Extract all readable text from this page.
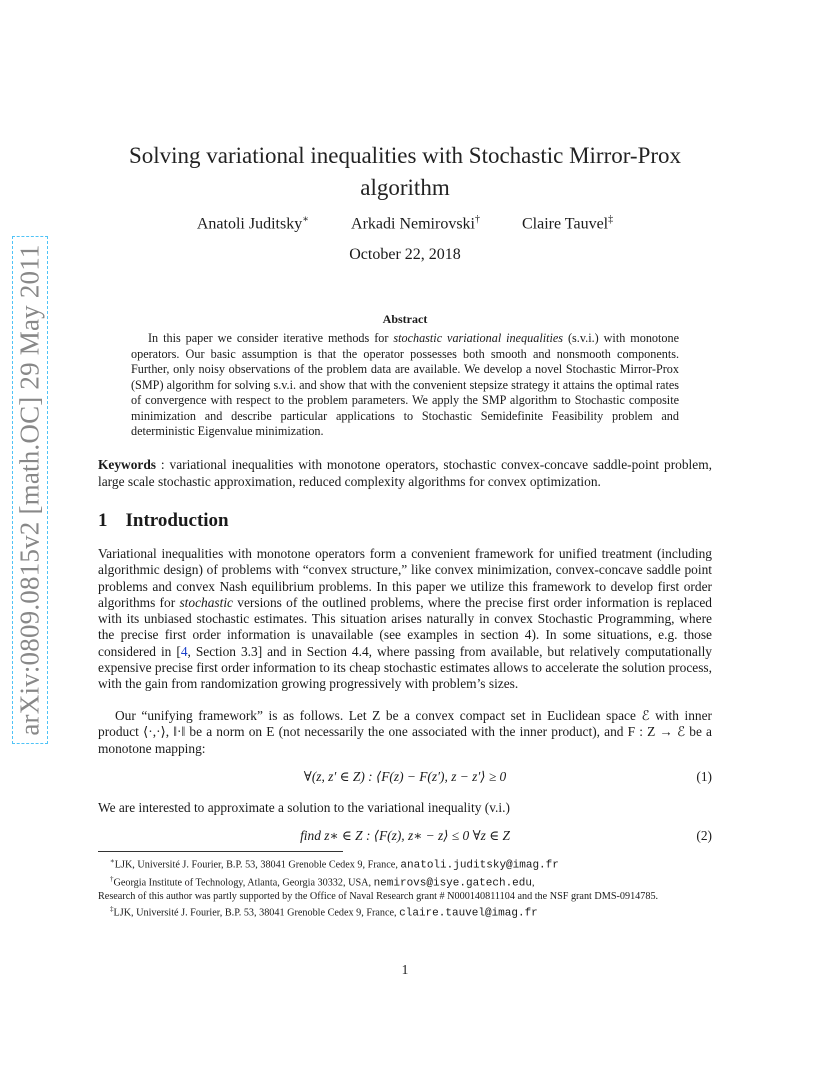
arXiv:0809.0815v2 [math.OC] 29 May 2011
Solving variational inequalities with Stochastic Mirror-Prox algorithm
Anatoli Juditsky∗	Arkadi Nemirovski†	Claire Tauvel‡
October 22, 2018
Abstract
In this paper we consider iterative methods for stochastic variational inequalities (s.v.i.) with monotone operators. Our basic assumption is that the operator possesses both smooth and nonsmooth components. Further, only noisy observations of the problem data are available. We develop a novel Stochastic Mirror-Prox (SMP) algorithm for solving s.v.i. and show that with the convenient stepsize strategy it attains the optimal rates of convergence with respect to the problem parameters. We apply the SMP algorithm to Stochastic composite minimization and describe particular applications to Stochastic Semidefinite Feasibility problem and deterministic Eigenvalue minimization.
Keywords : variational inequalities with monotone operators, stochastic convex-concave saddle-point problem, large scale stochastic approximation, reduced complexity algorithms for convex optimization.
1 Introduction
Variational inequalities with monotone operators form a convenient framework for unified treatment (including algorithmic design) of problems with “convex structure,” like convex minimization, convex-concave saddle point problems and convex Nash equilibrium problems. In this paper we utilize this framework to develop first order algorithms for stochastic versions of the outlined problems, where the precise first order information is replaced with its unbiased stochastic estimates. This situation arises naturally in convex Stochastic Programming, where the precise first order information is unavailable (see examples in section 4). In some situations, e.g. those considered in [4, Section 3.3] and in Section 4.4, where passing from available, but relatively computationally expensive precise first order information to its cheap stochastic estimates allows to accelerate the solution process, with the gain from randomization growing progressively with problem’s sizes.
Our “unifying framework” is as follows. Let Z be a convex compact set in Euclidean space ℰ with inner product ⟨·,·⟩, ‖·‖ be a norm on E (not necessarily the one associated with the inner product), and F : Z → ℰ be a monotone mapping:
∀(z, z′ ∈ Z) : ⟨F(z) − F(z′), z − z′⟩ ≥ 0	(1)
We are interested to approximate a solution to the variational inequality (v.i.)
find z∗ ∈ Z : ⟨F(z), z∗ − z⟩ ≤ 0 ∀z ∈ Z	(2)
∗LJK, Université J. Fourier, B.P. 53, 38041 Grenoble Cedex 9, France, anatoli.juditsky@imag.fr
†Georgia Institute of Technology, Atlanta, Georgia 30332, USA, nemirovs@isye.gatech.edu,
Research of this author was partly supported by the Office of Naval Research grant # N000140811104 and the NSF grant DMS-0914785.
‡LJK, Université J. Fourier, B.P. 53, 38041 Grenoble Cedex 9, France, claire.tauvel@imag.fr
1
